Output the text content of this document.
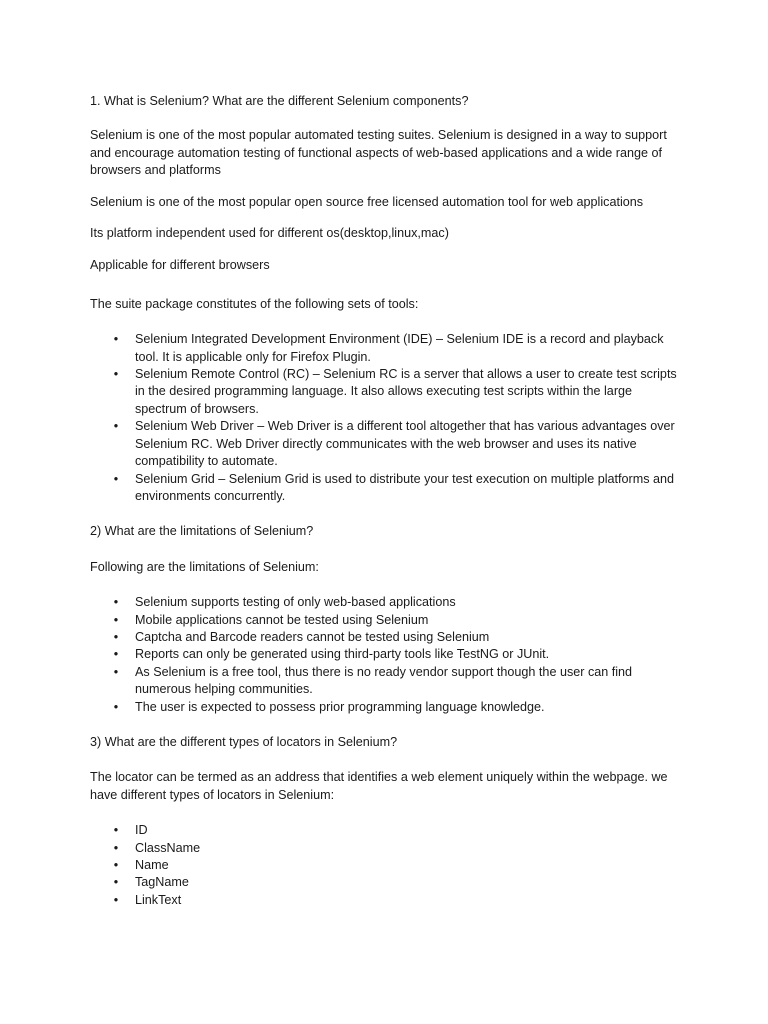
1. What is Selenium? What are the different Selenium components?

Selenium is one of the most popular automated testing suites. Selenium is designed in a way to support and encourage automation testing of functional aspects of web-based applications and a wide range of browsers and platforms

Selenium is one of the most popular open source free licensed automation tool for web applications

Its platform independent used for different os(desktop,linux,mac)

Applicable for different browsers

The suite package constitutes of the following sets of tools:

• Selenium Integrated Development Environment (IDE) – Selenium IDE is a record and playback tool. It is applicable only for Firefox Plugin.
• Selenium Remote Control (RC) – Selenium RC is a server that allows a user to create test scripts in the desired programming language. It also allows executing test scripts within the large spectrum of browsers.
• Selenium Web Driver – Web Driver is a different tool altogether that has various advantages over Selenium RC. Web Driver directly communicates with the web browser and uses its native compatibility to automate.
• Selenium Grid – Selenium Grid is used to distribute your test execution on multiple platforms and environments concurrently.

2) What are the limitations of Selenium?

Following are the limitations of Selenium:

• Selenium supports testing of only web-based applications
• Mobile applications cannot be tested using Selenium
• Captcha and Barcode readers cannot be tested using Selenium
• Reports can only be generated using third-party tools like TestNG or JUnit.
• As Selenium is a free tool, thus there is no ready vendor support though the user can find numerous helping communities.
• The user is expected to possess prior programming language knowledge.

3) What are the different types of locators in Selenium?

The locator can be termed as an address that identifies a web element uniquely within the webpage. we have different types of locators in Selenium:

• ID
• ClassName
• Name
• TagName
• LinkText
